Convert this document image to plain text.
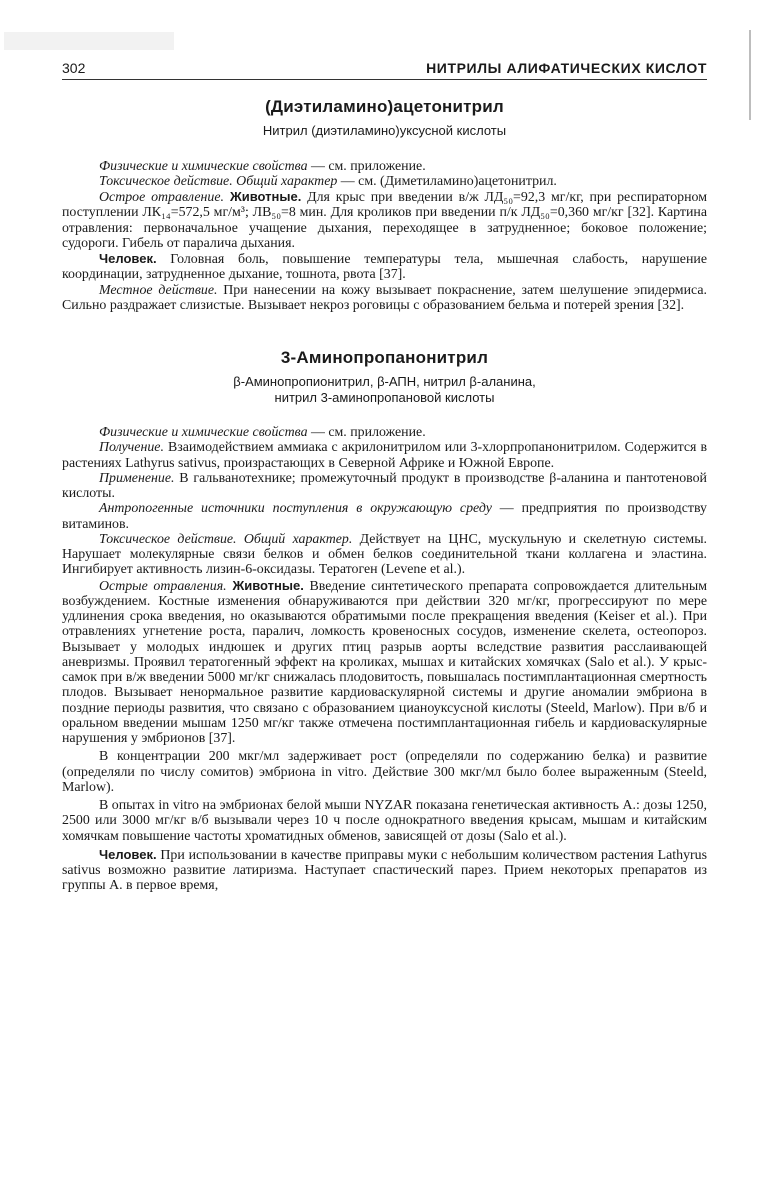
302	НИТРИЛЫ АЛИФАТИЧЕСКИХ КИСЛОТ
(Диэтиламино)ацетонитрил
Нитрил (диэтиламино)уксусной кислоты

Физические и химические свойства — см. приложение.

Токсическое действие. Общий характер — см. (Диметиламино)ацетонитрил.

Острое отравление. Животные. Для крыс при введении в/ж ЛД₅₀=92,3 мг/кг, при респираторном поступлении ЛК₁₄=572,5 мг/м³; ЛВ₅₀=8 мин. Для кроликов при введении п/к ЛД₅₀=0,360 мг/кг [32]. Картина отравления: первоначальное учащение дыхания, переходящее в затрудненное; боковое положение; судороги. Гибель от паралича дыхания.

Человек. Головная боль, повышение температуры тела, мышечная слабость, нарушение координации, затрудненное дыхание, тошнота, рвота [37].

Местное действие. При нанесении на кожу вызывает покраснение, затем шелушение эпидермиса. Сильно раздражает слизистые. Вызывает некроз роговицы с образованием бельма и потерей зрения [32].

3-Аминопропанонитрил
β-Аминопропионитрил, β-АПН, нитрил β-аланина,
нитрил 3-аминопропановой кислоты

Физические и химические свойства — см. приложение.

Получение. Взаимодействием аммиака с акрилонитрилом или 3-хлорпропанонитрилом. Содержится в растениях Lathyrus sativus, произрастающих в Северной Африке и Южной Европе.

Применение. В гальванотехнике; промежуточный продукт в производстве β-аланина и пантотеновой кислоты.

Антропогенные источники поступления в окружающую среду — предприятия по производству витаминов.

Токсическое действие. Общий характер. Действует на ЦНС, мускульную и скелетную системы. Нарушает молекулярные связи белков и обмен белков соединительной ткани коллагена и эластина. Ингибирует активность лизин-6-оксидазы. Тератоген (Levene et al.).

Острые отравления. Животные. Введение синтетического препарата сопровождается длительным возбуждением. Костные изменения обнаруживаются при действии 320 мг/кг, прогрессируют по мере удлинения срока введения, но оказываются обратимыми после прекращения введения (Keiser et al.). При отравлениях угнетение роста, паралич, ломкость кровеносных сосудов, изменение скелета, остеопороз. Вызывает у молодых индюшек и других птиц разрыв аорты вследствие развития расслаивающей аневризмы. Проявил тератогенный эффект на кроликах, мышах и китайских хомячках (Salo et al.). У крыс-самок при в/ж введении 5000 мг/кг снижалась плодовитость, повышалась постимплантационная смертность плодов. Вызывает ненормальное развитие кардиоваскулярной системы и другие аномалии эмбриона в поздние периоды развития, что связано с образованием цианоуксусной кислоты (Steeld, Marlow). При в/б и оральном введении мышам 1250 мг/кг также отмечена постимплантационная гибель и кардиоваскулярные нарушения у эмбрионов [37].

В концентрации 200 мкг/мл задерживает рост (определяли по содержанию белка) и развитие (определяли по числу сомитов) эмбриона in vitro. Действие 300 мкг/мл было более выраженным (Steeld, Marlow).

В опытах in vitro на эмбрионах белой мыши NYZAR показана генетическая активность А.: дозы 1250, 2500 или 3000 мг/кг в/б вызывали через 10 ч после однократного введения крысам, мышам и китайским хомячкам повышение частоты хроматидных обменов, зависящей от дозы (Salo et al.).

Человек. При использовании в качестве приправы муки с небольшим количеством растения Lathyrus sativus возможно развитие латиризма. Наступает спастический парез. Прием некоторых препаратов из группы А. в первое время,
